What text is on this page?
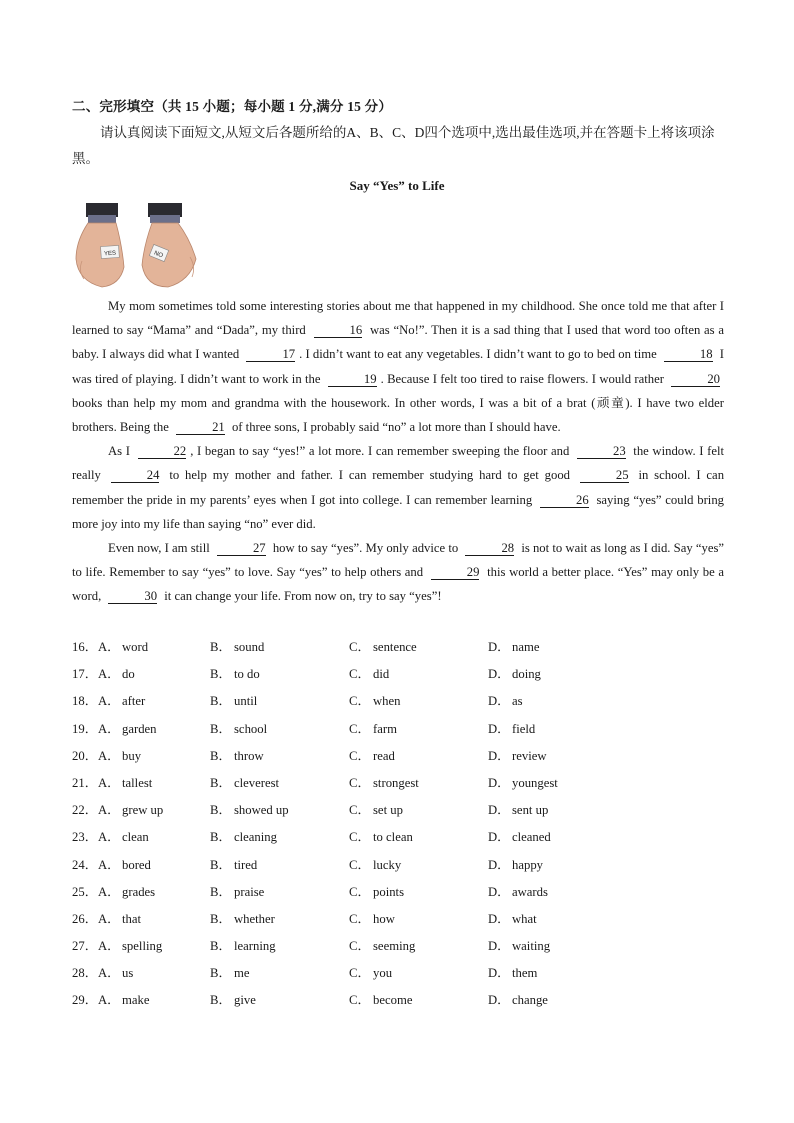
二、完形填空（共 15 小题；每小题 1 分,满分 15 分）
请认真阅读下面短文,从短文后各题所给的A、B、C、D四个选项中,选出最佳选项,并在答题卡上将该项涂黑。
Say “Yes” to Life
YES	NO

My mom sometimes told some interesting stories about me that happened in my childhood. She once told me that after I learned to say “Mama” and “Dada”, my third	16 was “No!”. Then it is a sad thing that I used that word too often as a baby. I always did what I wanted	17 . I didn’t want to eat any vegetables. I didn’t want to go to bed on time	18 I was tired of playing. I didn’t want to work in the	19 . Because I felt too tired to raise flowers. I would rather	20 books than help my mom and grandma with the housework. In other words, I was a bit of a brat (顽童). I have two elder brothers. Being the	21 of three sons, I probably said “no” a lot more than I should have.

As I	22 , I began to say “yes!” a lot more. I can remember sweeping the floor and	23 the window. I felt really	24 to help my mother and father. I can remember studying hard to get good	25 in school. I can remember the pride in my parents’ eyes when I got into college. I can remember learning	26 saying “yes” could bring more joy into my life than saying “no” ever did.

Even now, I am still	27 how to say “yes”. My only advice to	28 is not to wait as long as I did. Say “yes” to life. Remember to say “yes” to love. Say “yes” to help others and	29 this world a better place. “Yes” may only be a word,	30 it can change your life. From now on, try to say “yes”!

16． A． word	B． sound	C． sentence	D． name
17． A． do	B． to do	C． did	D． doing
18． A． after	B． until	C． when	D． as
19． A． garden	B． school	C． farm	D． field
20． A． buy	B． throw	C． read	D． review
21． A． tallest	B． cleverest	C． strongest	D． youngest
22． A． grew up	B． showed up	C． set up	D． sent up
23． A． clean	B． cleaning	C． to clean	D． cleaned
24． A． bored	B． tired	C． lucky	D． happy
25． A． grades	B． praise	C． points	D． awards
26． A． that	B． whether	C． how	D． what
27． A． spelling	B． learning	C． seeming	D． waiting
28． A． us	B． me	C． you	D． them
29． A． make	B． give	C． become	D． change
